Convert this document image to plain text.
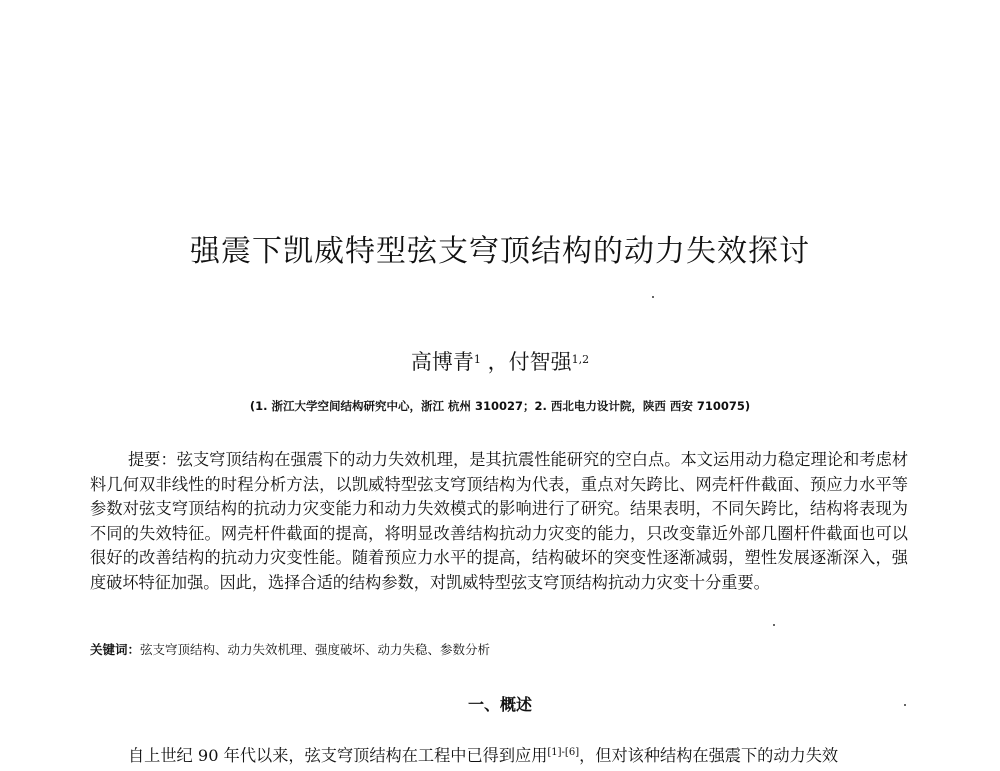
强震下凯威特型弦支穹顶结构的动力失效探讨
高博青$^1$ ，付智强$^{1,2}$
(1. 浙江大学空间结构研究中心，浙江 杭州 310027；2. 西北电力设计院，陕西 西安 710075)
提要：弦支穹顶结构在强震下的动力失效机理，是其抗震性能研究的空白点。本文运用动力稳定理论和考虑材料几何双非线性的时程分析方法，以凯威特型弦支穹顶结构为代表，重点对矢跨比、网壳杆件截面、预应力水平等参数对弦支穹顶结构的抗动力灾变能力和动力失效模式的影响进行了研究。结果表明，不同矢跨比，结构将表现为不同的失效特征。网壳杆件截面的提高，将明显改善结构抗动力灾变的能力，只改变靠近外部几圈杆件截面也可以很好的改善结构的抗动力灾变性能。随着预应力水平的提高，结构破坏的突变性逐渐减弱，塑性发展逐渐深入，强度破坏特征加强。因此，选择合适的结构参数，对凯威特型弦支穹顶结构抗动力灾变十分重要。
关键词：弦支穹顶结构、动力失效机理、强度破坏、动力失稳、参数分析
一、概述
自上世纪 90 年代以来，弦支穹顶结构在工程中已得到应用[1]-[6]，但对该种结构在强震下的动力失效
